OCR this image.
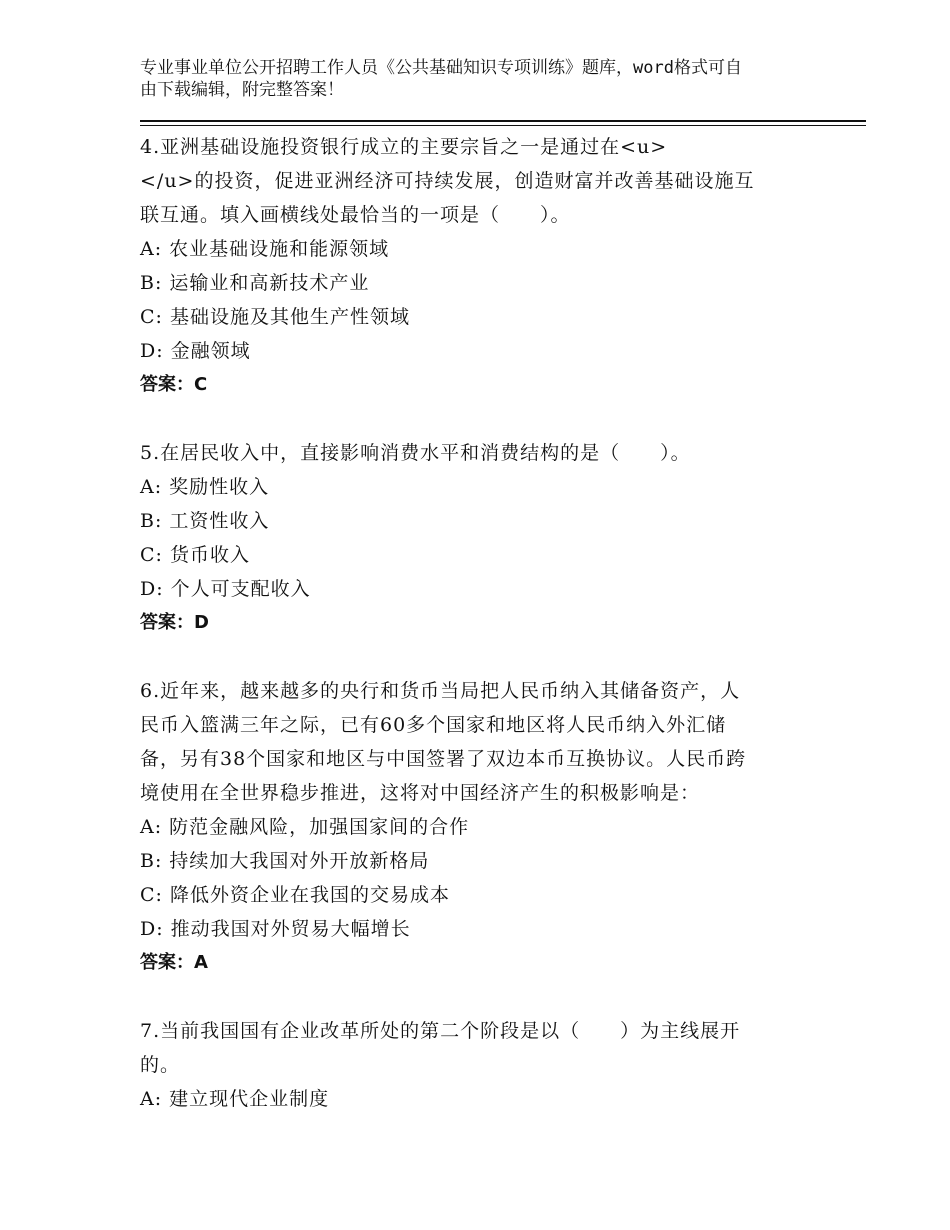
专业事业单位公开招聘工作人员《公共基础知识专项训练》题库，word格式可自
由下载编辑，附完整答案！

4.亚洲基础设施投资银行成立的主要宗旨之一是通过在<u>

</u>的投资，促进亚洲经济可持续发展，创造财富并改善基础设施互

联互通。填入画横线处最恰当的一项是（　　）。

A: 农业基础设施和能源领域

B: 运输业和高新技术产业

C: 基础设施及其他生产性领域

D: 金融领域

答案：C

5.在居民收入中，直接影响消费水平和消费结构的是（　　）。

A: 奖励性收入

B: 工资性收入

C: 货币收入

D: 个人可支配收入

答案：D

6.近年来，越来越多的央行和货币当局把人民币纳入其储备资产，人

民币入篮满三年之际，已有60多个国家和地区将人民币纳入外汇储

备，另有38个国家和地区与中国签署了双边本币互换协议。人民币跨

境使用在全世界稳步推进，这将对中国经济产生的积极影响是：

A: 防范金融风险，加强国家间的合作

B: 持续加大我国对外开放新格局

C: 降低外资企业在我国的交易成本

D: 推动我国对外贸易大幅增长

答案：A

7.当前我国国有企业改革所处的第二个阶段是以（　　）为主线展开

的。

A: 建立现代企业制度
